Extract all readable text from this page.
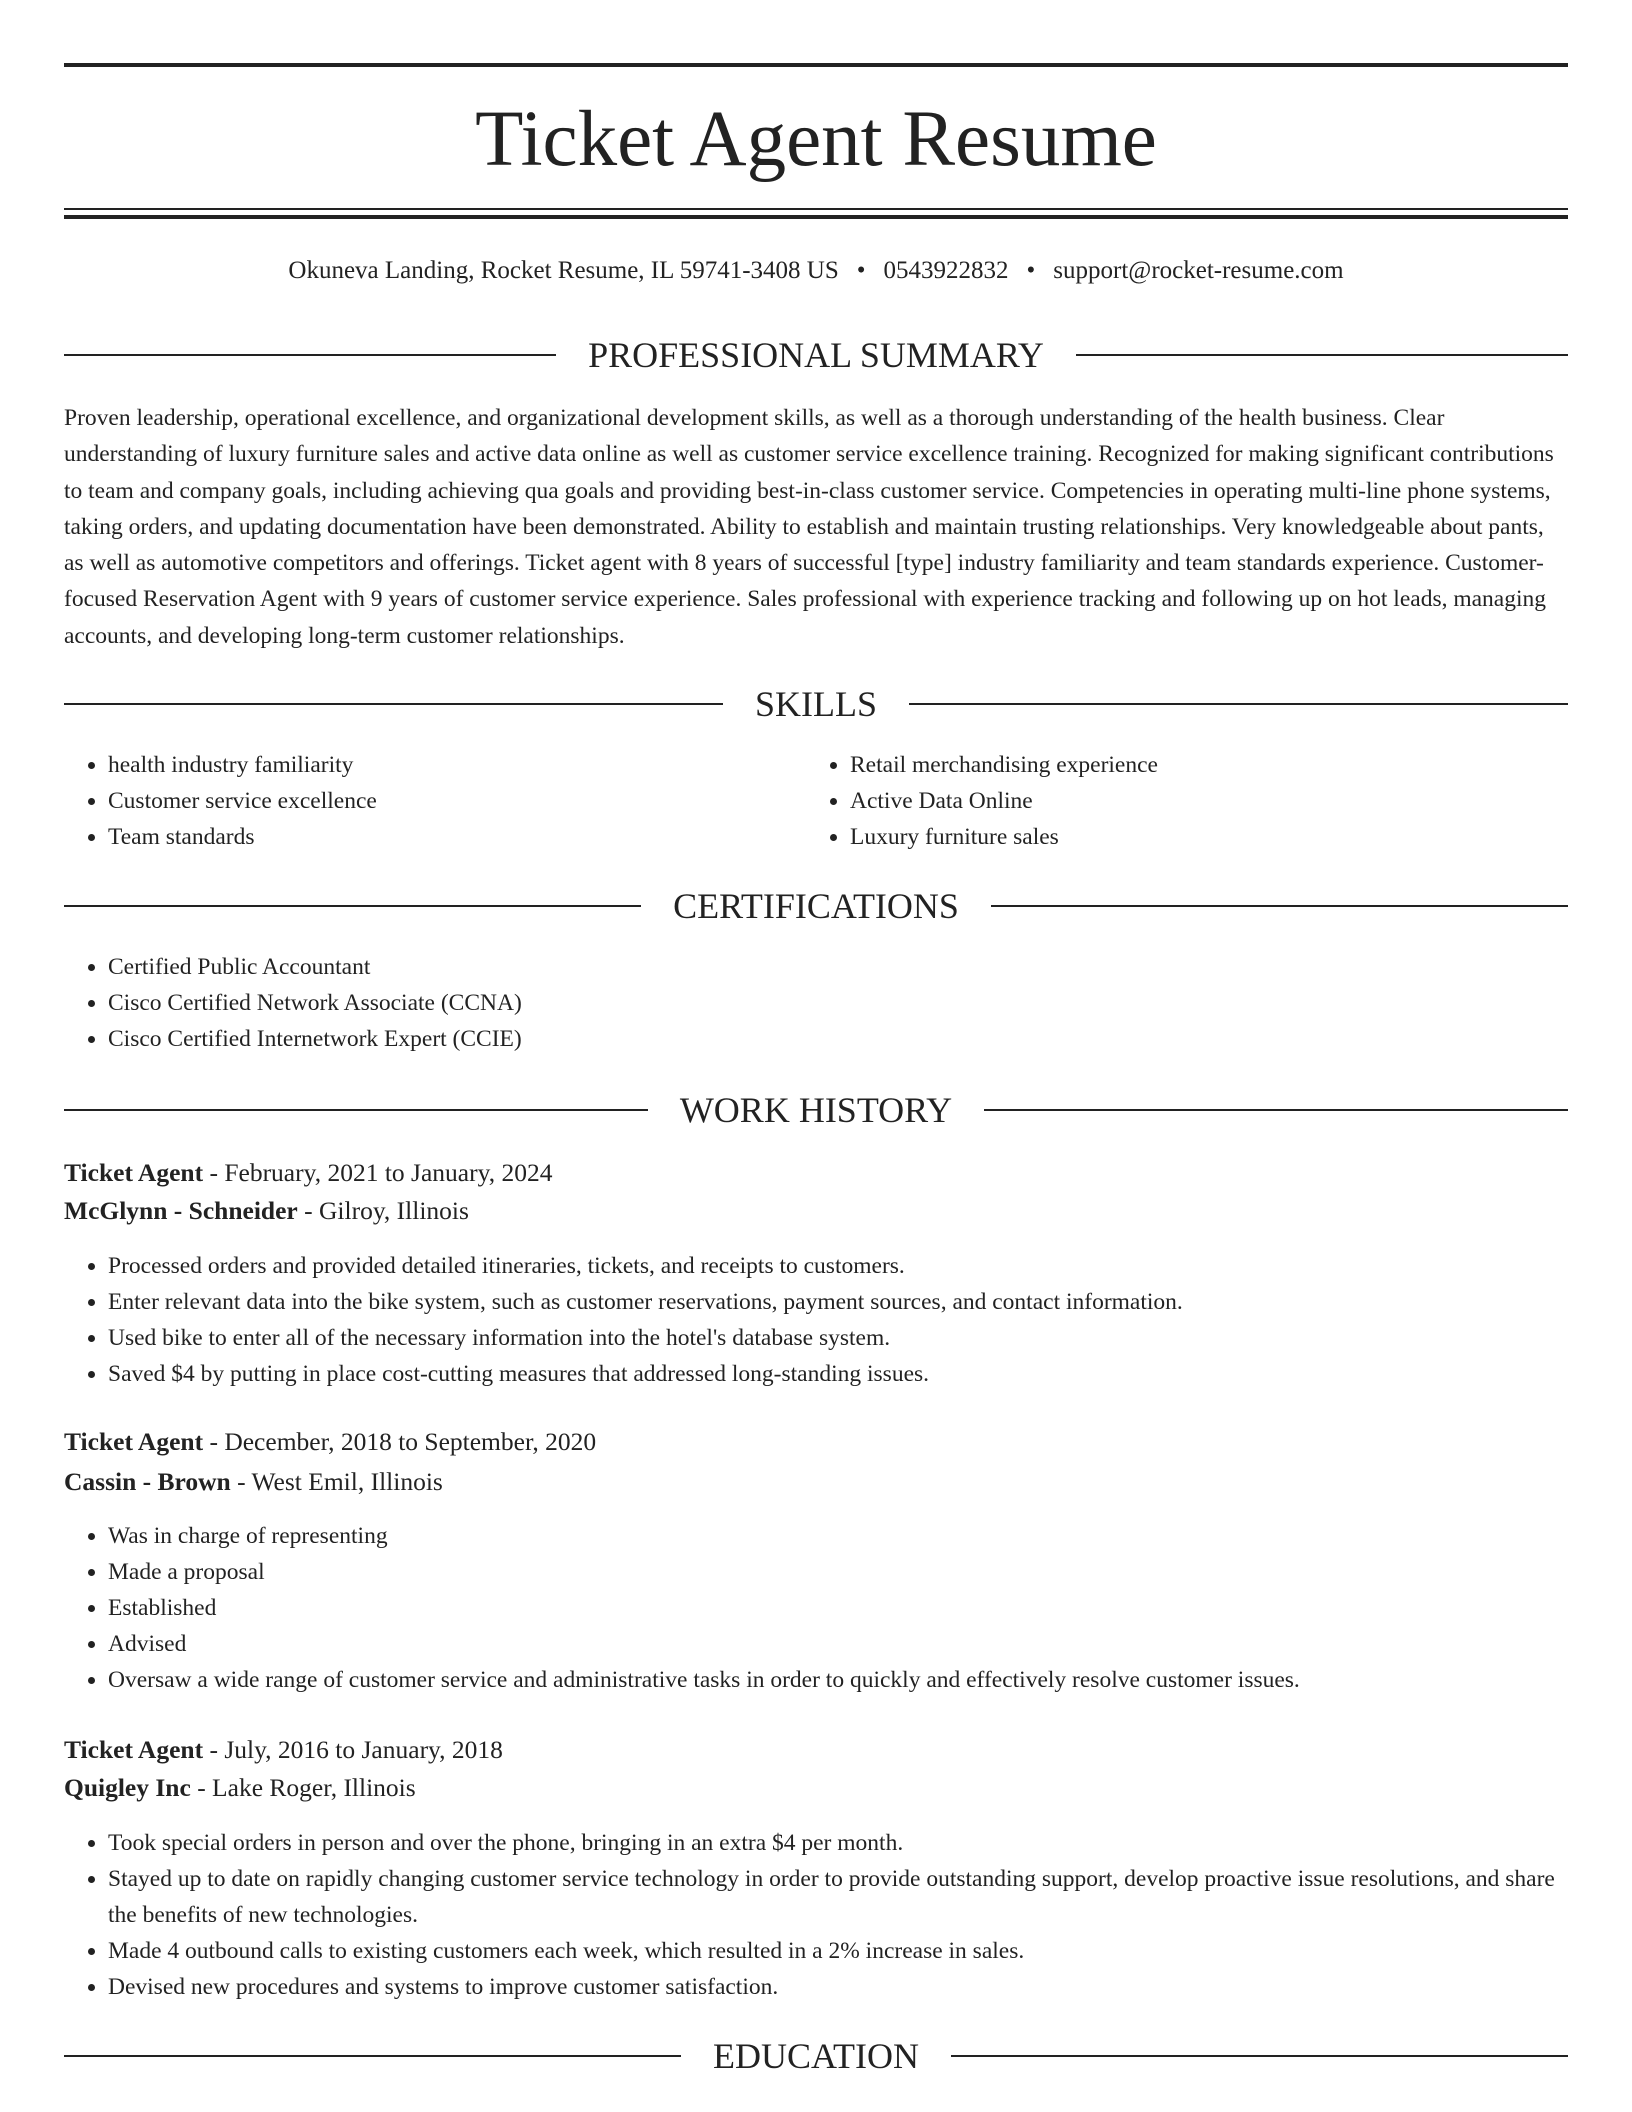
Ticket Agent Resume
Okuneva Landing, Rocket Resume, IL 59741-3408 US • 0543922832 • support@rocket-resume.com
PROFESSIONAL SUMMARY

Proven leadership, operational excellence, and organizational development skills, as well as a thorough understanding of the health business. Clear understanding of luxury furniture sales and active data online as well as customer service excellence training. Recognized for making significant contributions to team and company goals, including achieving qua goals and providing best-in-class customer service. Competencies in operating multi-line phone systems, taking orders, and updating documentation have been demonstrated. Ability to establish and maintain trusting relationships. Very knowledgeable about pants, as well as automotive competitors and offerings. Ticket agent with 8 years of successful [type] industry familiarity and team standards experience. Customer-focused Reservation Agent with 9 years of customer service experience. Sales professional with experience tracking and following up on hot leads, managing accounts, and developing long-term customer relationships.

SKILLS
• health industry familiarity
• Customer service excellence
• Team standards
• Retail merchandising experience
• Active Data Online
• Luxury furniture sales
CERTIFICATIONS
• Certified Public Accountant
• Cisco Certified Network Associate (CCNA)
• Cisco Certified Internetwork Expert (CCIE)
WORK HISTORY
Ticket Agent - February, 2021 to January, 2024
McGlynn - Schneider - Gilroy, Illinois
• Processed orders and provided detailed itineraries, tickets, and receipts to customers.
• Enter relevant data into the bike system, such as customer reservations, payment sources, and contact information.
• Used bike to enter all of the necessary information into the hotel's database system.
• Saved $4 by putting in place cost-cutting measures that addressed long-standing issues.
Ticket Agent - December, 2018 to September, 2020
Cassin - Brown - West Emil, Illinois
• Was in charge of representing
• Made a proposal
• Established
• Advised
• Oversaw a wide range of customer service and administrative tasks in order to quickly and effectively resolve customer issues.
Ticket Agent - July, 2016 to January, 2018
Quigley Inc - Lake Roger, Illinois
• Took special orders in person and over the phone, bringing in an extra $4 per month.
• Stayed up to date on rapidly changing customer service technology in order to provide outstanding support, develop proactive issue resolutions, and share the benefits of new technologies.
• Made 4 outbound calls to existing customers each week, which resulted in a 2% increase in sales.
• Devised new procedures and systems to improve customer satisfaction.
EDUCATION
